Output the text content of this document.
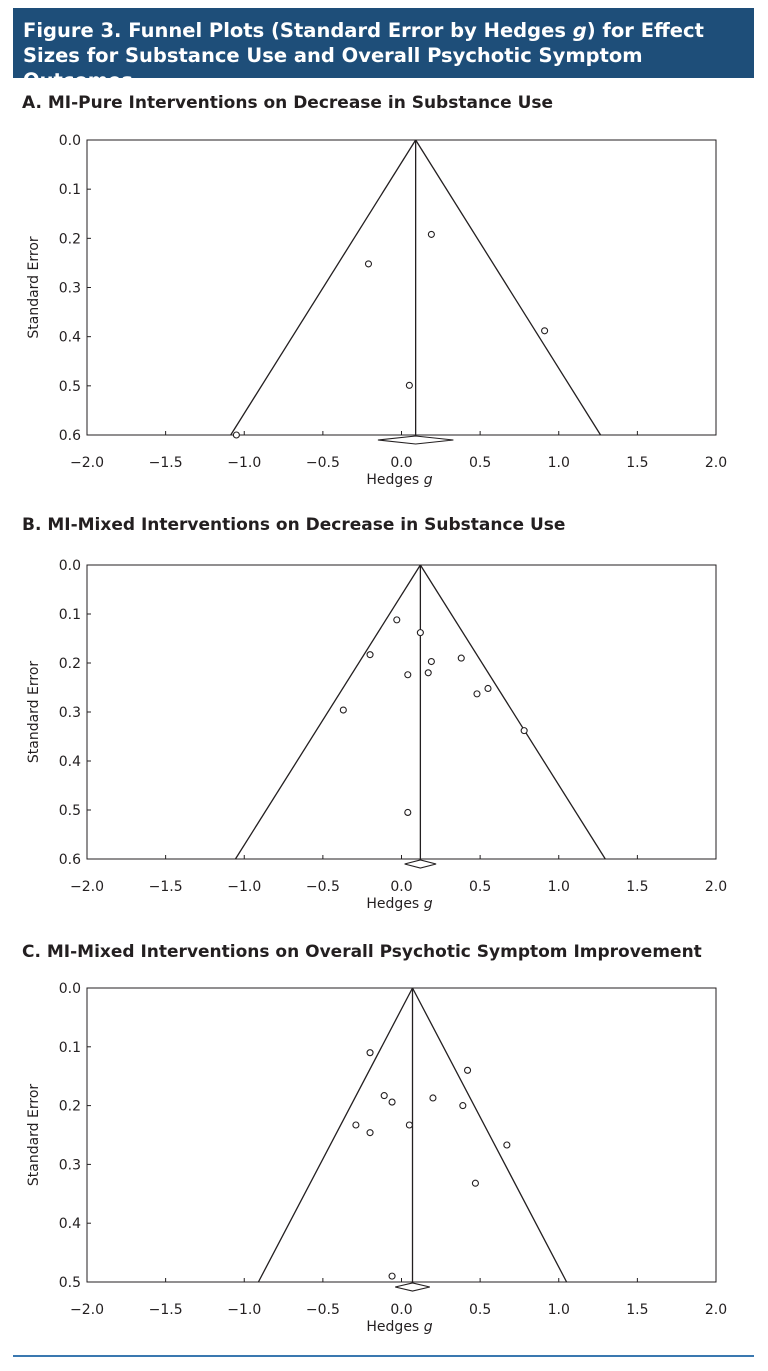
Figure 3. Funnel Plots (Standard Error by Hedges g) for Effect Sizes for Substance Use and Overall Psychotic Symptom Outcomes
A. MI-Pure Interventions on Decrease in Substance Use
−2.0	−1.5	−1.0	−0.5	0.0	0.5	1.0	1.5	2.0
0.0
0.1
0.2
0.3
0.4
0.5
0.6
Standard Error
Hedges g
B. MI-Mixed Interventions on Decrease in Substance Use
−2.0	−1.5	−1.0	−0.5	0.0	0.5	1.0	1.5	2.0
0.0
0.1
0.2
0.3
0.4
0.5
0.6
Standard Error
Hedges g
C. MI-Mixed Interventions on Overall Psychotic Symptom Improvement
−2.0	−1.5	−1.0	−0.5	0.0	0.5	1.0	1.5	2.0
0.0
0.1
0.2
0.3
0.4
0.5
Standard Error
Hedges g
